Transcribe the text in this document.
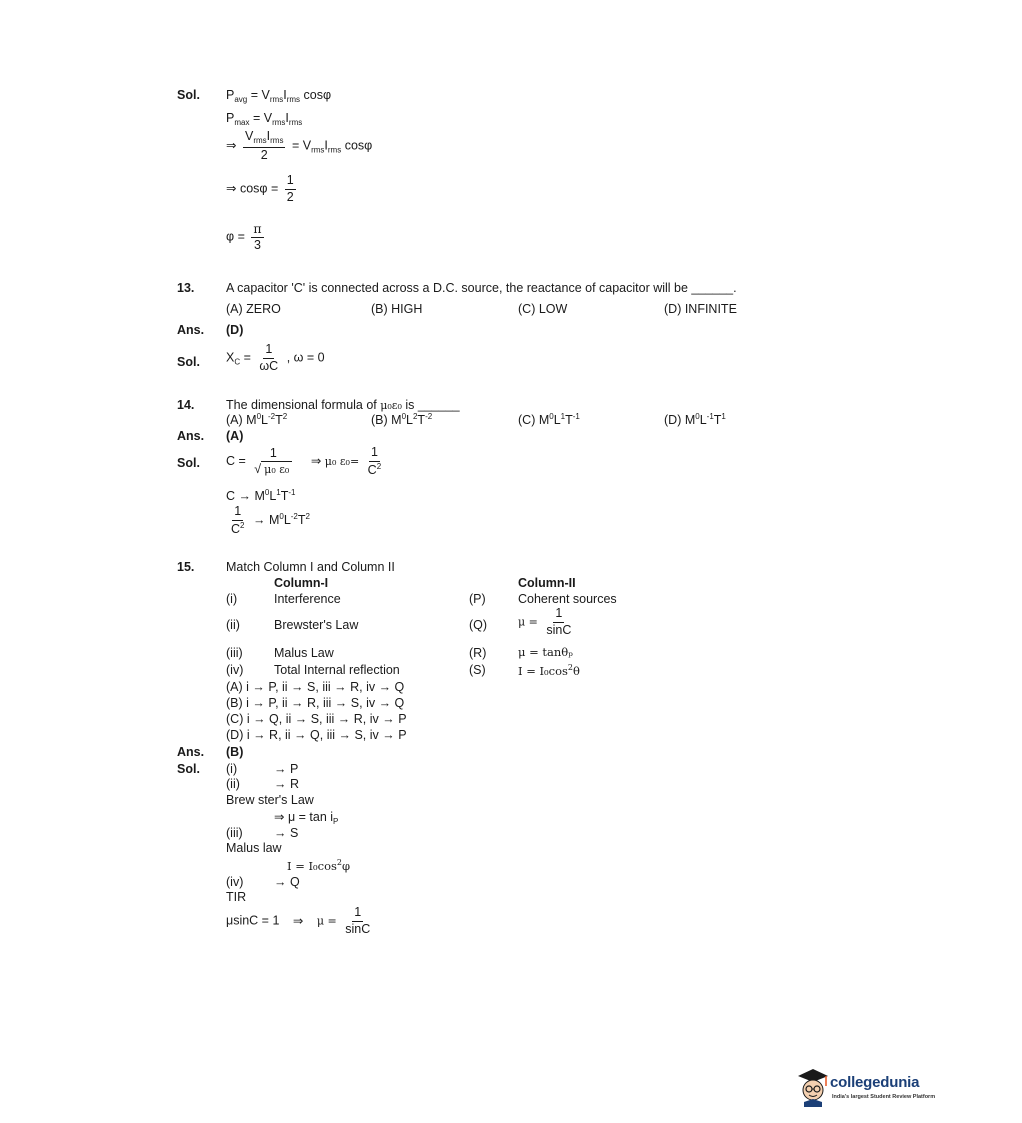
Sol. $P_{avg} = V_{rms}I_{rms}$ cosφ
$P_{max} = V_{rms}I_{rms}$
⇒ $\frac{V_{rms}I_{rms}}{2} = V_{rms}I_{rms}$ cosφ
⇒ $\cos\varphi = \frac{1}{2}$
$\varphi = \frac{\pi}{3}$
13.	A capacitor 'C' is connected across a D.C. source, the reactance of capacitor will be ______.
(A) ZERO	(B) HIGH	(C) LOW	(D) INFINITE
Ans. (D)
Sol. $X_C = \frac{1}{\omega C}$ , ω = 0
14.	The dimensional formula of μ₀ε₀ is ______
(A) $M^0L^{-2}T^2$	(B) $M^0L^2T^{-2}$	(C) $M^0L^1T^{-1}$	(D) $M^0L^{-1}T^1$
Ans. (A)
Sol. $C = \frac{1}{\text{√ μ₀ ε₀}}$ ⇒ μ₀ $\varepsilon_0= \frac{1}{C^2}$
$C \to M^0L^1T^{-1}$
$\frac{1}{C^2} \to M^0L^{-2}T^2$
15.	Match Column I and Column II
Column-I	Column-II
(i)	Interference	(P)	Coherent sources
(ii)	Brewster's Law	(Q)	$\mu = \frac{1}{\sin C}$
(iii)	Malus Law	(R)	μ = tanθₚ
(iv) Total Internal reflection	(S)	$I = I_0\cos^2\theta$
(A) i → P, ii → S, iii → R, iv → Q
(B) i → P, ii → R, iii → S, iv → Q
(C) i → Q, ii → S, iii → R, iv → P
(D) i → R, ii → Q, iii → S, iv → P
Ans. (B)
Sol. (i)	→ P
(ii)	→ R
Brew ster's Law
⇒ $\mu = \tan i_P$
(iii)	→ S
Malus law
$I = I_0\cos^2\varphi$
(iv) → Q
TIR
μsinC = 1 ⇒ $\mu = \frac{1}{\sin C}$
collegedunia
India's largest Student Review Platform
